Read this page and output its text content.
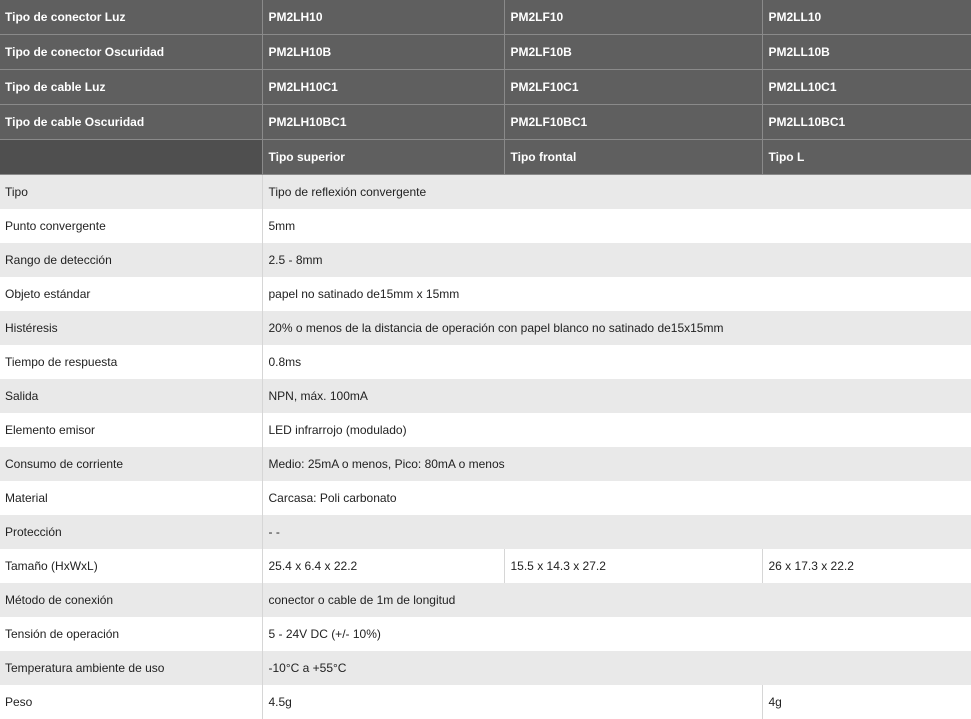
Tipo de conector Luz	PM2LH10	PM2LF10	PM2LL10
Tipo de conector Oscuridad	PM2LH10B	PM2LF10B	PM2LL10B
Tipo de cable Luz	PM2LH10C1	PM2LF10C1	PM2LL10C1
Tipo de cable Oscuridad	PM2LH10BC1	PM2LF10BC1	PM2LL10BC1
	Tipo superior	Tipo frontal	Tipo L
Tipo	Tipo de reflexión convergente		
Punto convergente	5mm		
Rango de detección	2.5 - 8mm		
Objeto estándar	papel no satinado de15mm x 15mm		
Histéresis	20% o menos de la distancia de operación con papel blanco no satinado de15x15mm		
Tiempo de respuesta	0.8ms		
Salida	NPN, máx. 100mA		
Elemento emisor	LED infrarrojo (modulado)		
Consumo de corriente	Medio: 25mA o menos, Pico: 80mA o menos		
Material	Carcasa: Poli carbonato		
Protección	- -		
Tamaño (HxWxL)	25.4 x 6.4 x 22.2	15.5 x 14.3 x 27.2	26 x 17.3 x 22.2
Método de conexión	conector o cable de 1m de longitud		
Tensión de operación	5 - 24V DC (+/- 10%)		
Temperatura ambiente de uso	-10°C a +55°C		
Peso	4.5g		4g
